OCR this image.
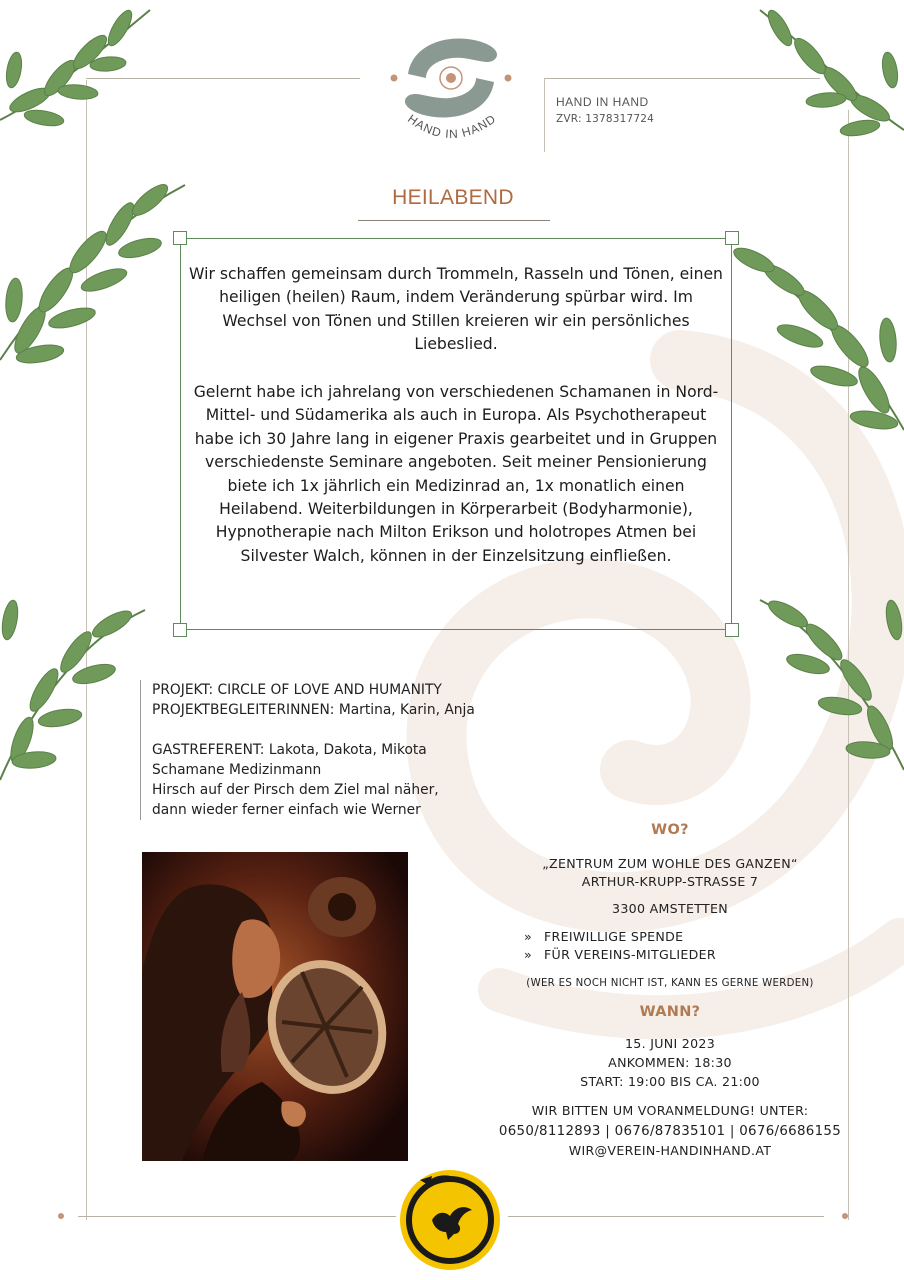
HAND IN HAND
HAND IN HAND
ZVR: 1378317724
HEILABEND
Wir schaffen gemeinsam durch Trommeln, Rasseln und Tönen, einen heiligen (heilen) Raum, indem Veränderung spürbar wird. Im Wechsel von Tönen und Stillen kreieren wir ein persönliches Liebeslied.
Gelernt habe ich jahrelang von verschiedenen Schamanen in Nord- Mittel- und Südamerika als auch in Europa. Als Psychotherapeut habe ich 30 Jahre lang in eigener Praxis gearbeitet und in Gruppen verschiedenste Seminare angeboten. Seit meiner Pensionierung biete ich 1x jährlich ein Medizinrad an, 1x monatlich einen Heilabend. Weiterbildungen in Körperarbeit (Bodyharmonie), Hypnotherapie nach Milton Erikson und holotropes Atmen bei Silvester Walch, können in der Einzelsitzung einfließen.
PROJEKT: CIRCLE OF LOVE AND HUMANITY
PROJEKTBEGLEITERINNEN: Martina, Karin, Anja
GASTREFERENT: Lakota, Dakota, Mikota
Schamane Medizinmann
Hirsch auf der Pirsch dem Ziel mal näher,
dann wieder ferner einfach wie Werner
WO?
„ZENTRUM ZUM WOHLE DES GANZEN“
ARTHUR-KRUPP-STRASSE 7
3300 AMSTETTEN
» FREIWILLIGE SPENDE
» FÜR VEREINS-MITGLIEDER
(WER ES NOCH NICHT IST, KANN ES GERNE WERDEN)
WANN?
15. JUNI 2023
ANKOMMEN: 18:30
START: 19:00 BIS CA. 21:00
WIR BITTEN UM VORANMELDUNG! UNTER:
0650/8112893 | 0676/87835101 | 0676/6686155
WIR@VEREIN-HANDINHAND.AT
